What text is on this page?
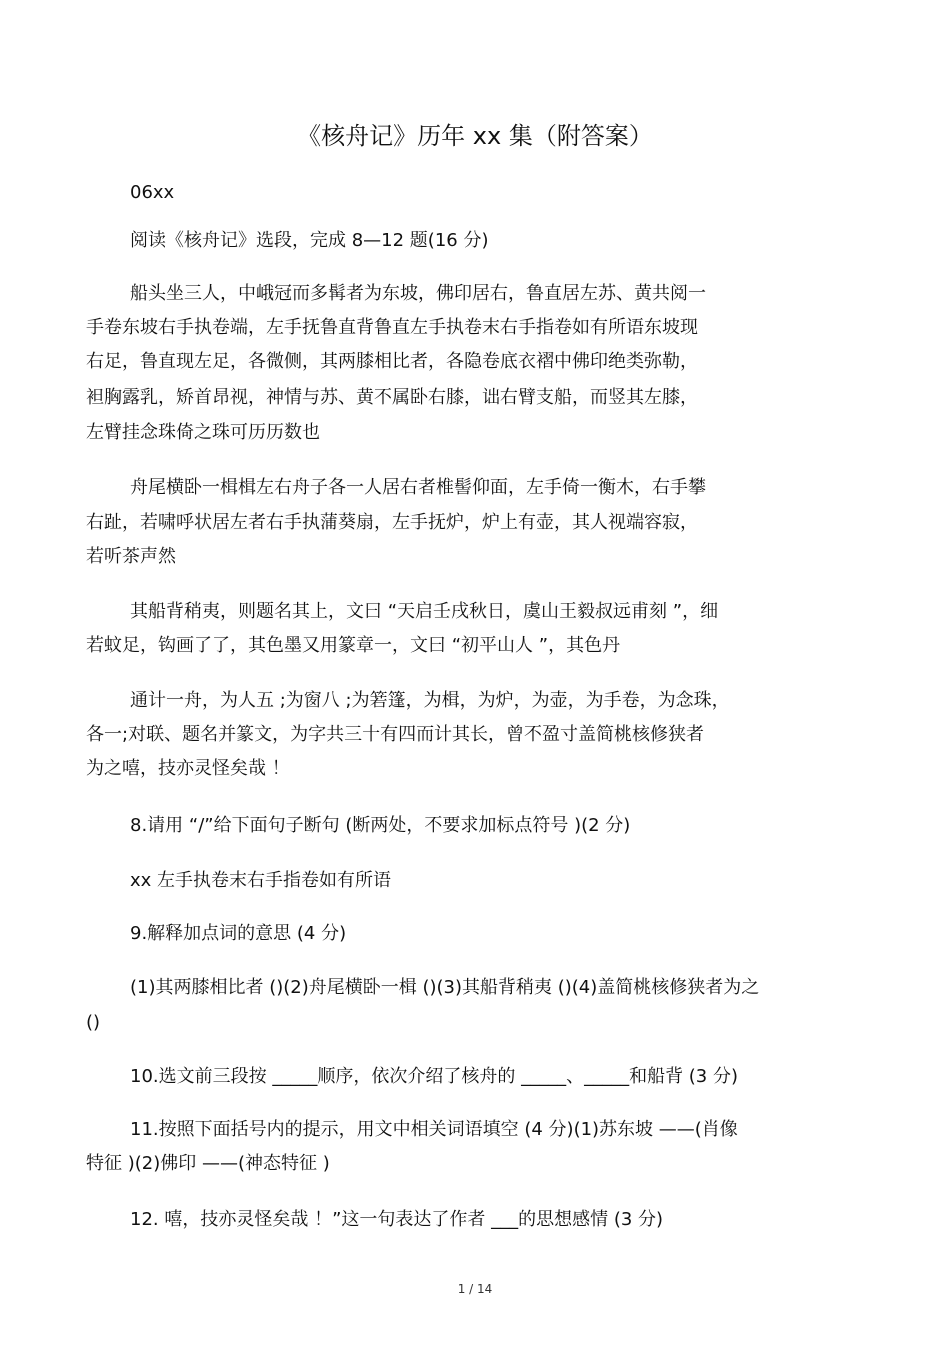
《核舟记》历年 xx 集（附答案）
06xx
阅读《核舟记》选段，完成 8—12 题(16 分)
船头坐三人，中峨冠而多髯者为东坡，佛印居右，鲁直居左苏、黄共阅一
手卷东坡右手执卷端，左手抚鲁直背鲁直左手执卷末右手指卷如有所语东坡现
右足，鲁直现左足，各微侧，其两膝相比者，各隐卷底衣褶中佛印绝类弥勒，
袒胸露乳，矫首昂视，神情与苏、黄不属卧右膝，诎右臂支船，而竖其左膝，
左臂挂念珠倚之珠可历历数也
舟尾横卧一楫楫左右舟子各一人居右者椎髻仰面，左手倚一衡木，右手攀
右趾，若啸呼状居左者右手执蒲葵扇，左手抚炉，炉上有壶，其人视端容寂，
若听茶声然
其船背稍夷，则题名其上，文曰 “天启壬戌秋日，虞山王毅叔远甫刻 ”，细
若蚊足，钩画了了，其色墨又用篆章一，文曰 “初平山人 ”，其色丹
通计一舟，为人五 ;为窗八 ;为箬篷，为楫，为炉，为壶，为手卷，为念珠，
各一;对联、题名并篆文，为字共三十有四而计其长，曾不盈寸盖简桃核修狭者
为之嘻，技亦灵怪矣哉 ！
8.请用 “/”给下面句子断句 (断两处，不要求加标点符号 )(2 分)
xx 左手执卷末右手指卷如有所语
9.解释加点词的意思 (4 分)
(1)其两膝相比者 ()(2)舟尾横卧一楫 ()(3)其船背稍夷 ()(4)盖简桃核修狭者为之
()
10.选文前三段按 _____顺序，依次介绍了核舟的 _____、_____和船背 (3 分)
11.按照下面括号内的提示，用文中相关词语填空 (4 分)(1)苏东坡 ——(肖像
特征 )(2)佛印 ——(神态特征 )
12. 嘻，技亦灵怪矣哉 ！”这一句表达了作者 ___的思想感情 (3 分)
1 / 14
